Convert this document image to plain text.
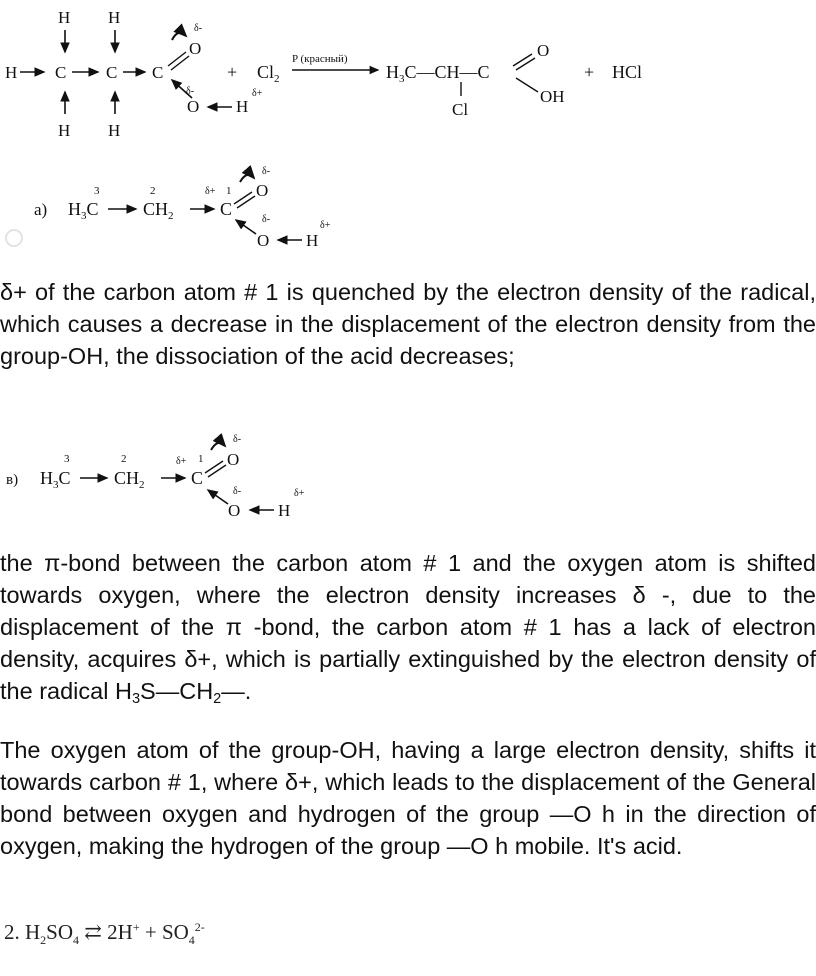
H H
H C C C
O
δ-
δ-
O H
δ+
H H
+ $Cl_2$
P (красный)
$H_3C—CH—C$
O
OH
Cl
+ HCl
а)
3	2	1
δ+
$H_3C$ $CH_2$	C
O
δ-
δ-
O H
δ+

δ+ of the carbon atom # 1 is quenched by the electron density of the radical, which causes a decrease in the displacement of the electron density from the group-OH, the dissociation of the acid decreases;

в)
3	2	1
δ+
$H_3C$ $CH_2$	C
O
δ-
δ-
O H
δ+

the π-bond between the carbon atom # 1 and the oxygen atom is shifted towards oxygen, where the electron density increases δ -, due to the displacement of the π -bond, the carbon atom # 1 has a lack of electron density, acquires δ+, which is partially extinguished by the electron density of the radical H3S—CH2—.

The oxygen atom of the group-OH, having a large electron density, shifts it towards carbon # 1, where δ+, which leads to the displacement of the General bond between oxygen and hydrogen of the group —O h in the direction of oxygen, making the hydrogen of the group —O h mobile. It's acid.

2. $H_2SO_4$ ⇄ $2H^+ + SO_4^{2-}$
